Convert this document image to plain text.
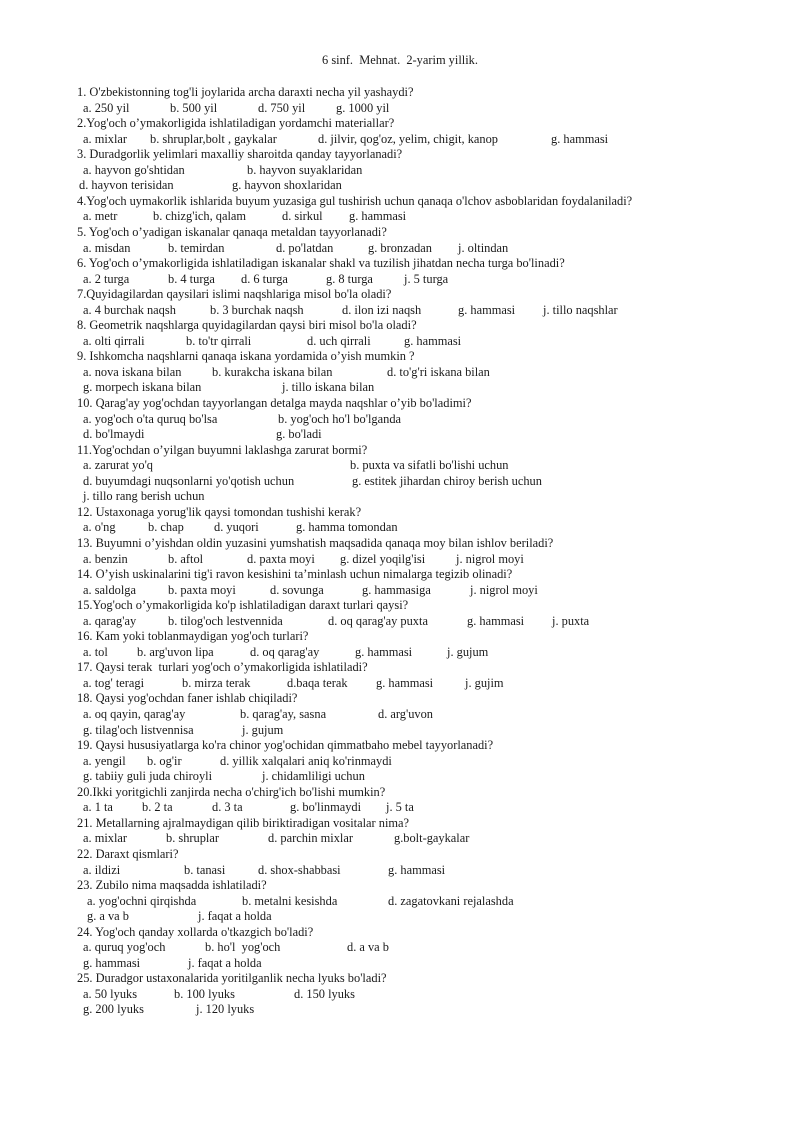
6 sinf.  Mehnat.  2-yarim yillik.
1. O'zbekistonning tog'li joylarida archa daraxti necha yil yashaydi?
a. 250 yil	b. 500 yil	d. 750 yil g. 1000 yil
2.Yog'och o’ymakorligida ishlatiladigan yordamchi materiallar?
a. mixlar b. shruplar,bolt , gaykalar	d. jilvir, qog'oz, yelim, chigit, kanop	g. hammasi
3. Duradgorlik yelimlari maxalliy sharoitda qanday tayyorlanadi?
a. hayvon go'shtidan	b. hayvon suyaklaridan
d. hayvon terisidan	g. hayvon shoxlaridan
4.Yog'och uymakorlik ishlarida buyum yuzasiga gul tushirish uchun qanaqa o'lchov asboblaridan foydalaniladi?
a. metr	b. chizg'ich, qalam	d. sirkul g. hammasi
5. Yog'och o’yadigan iskanalar qanaqa metaldan tayyorlanadi?
a. misdan	b. temirdan	d. po'latdan	g. bronzadan j. oltindan
6. Yog'och o’ymakorligida ishlatiladigan iskanalar shakl va tuzilish jihatdan necha turga bo'linadi?
a. 2 turga	b. 4 turga d. 6 turga	g. 8 turga	j. 5 turga
7.Quyidagilardan qaysilari islimi naqshlariga misol bo'la oladi?
a. 4 burchak naqsh	b. 3 burchak naqsh	d. ilon izi naqsh	g. hammasi j. tillo naqshlar
8. Geometrik naqshlarga quyidagilardan qaysi biri misol bo'la oladi?
a. olti qirrali	b. to'tr qirrali	d. uch qirrali	g. hammasi
9. Ishkomcha naqshlarni qanaqa iskana yordamida o’yish mumkin ?
a. nova iskana bilan b. kurakcha iskana bilan	d. to'g'ri iskana bilan
g. morpech iskana bilan	j. tillo iskana bilan
10. Qarag'ay yog'ochdan tayyorlangan detalga mayda naqshlar o’yib bo'ladimi?
a. yog'och o'ta quruq bo'lsa	b. yog'och ho'l bo'lganda
d. bo'lmaydi	g. bo'ladi
11.Yog'ochdan o’yilgan buyumni laklashga zarurat bormi?
a. zarurat yo'q	b. puxta va sifatli bo'lishi uchun
d. buyumdagi nuqsonlarni yo'qotish uchun	g. estitek jihardan chiroy berish uchun
j. tillo rang berish uchun
12. Ustaxonaga yorug'lik qaysi tomondan tushishi kerak?
a. o'ng	b. chap d. yuqori	g. hamma tomondan
13. Buyumni o’yishdan oldin yuzasini yumshatish maqsadida qanaqa moy bilan ishlov beriladi?
a. benzin	b. aftol	d. paxta moyi g. dizel yoqilg'isi j. nigrol moyi
14. O’yish uskinalarini tig'i ravon kesishini ta’minlash uchun nimalarga tegizib olinadi?
a. saldolga	b. paxta moyi	d. sovunga	g. hammasiga	j. nigrol moyi
15.Yog'och o’ymakorligida ko'p ishlatiladigan daraxt turlari qaysi?
a. qarag'ay	b. tilog'och lestvennida	d. oq qarag'ay puxta	g. hammasi j. puxta
16. Kam yoki toblanmaydigan yog'och turlari?
a. tol b. arg'uvon lipa	d. oq qarag'ay	g. hammasi	j. gujum
17. Qaysi terak  turlari yog'och o’ymakorligida ishlatiladi?
a. tog' teragi	b. mirza terak	d.baqa terak g. hammasi	j. gujim
18. Qaysi yog'ochdan faner ishlab chiqiladi?
a. oq qayin, qarag'ay	b. qarag'ay, sasna	d. arg'uvon
g. tilag'och listvennisa	j. gujum
19. Qaysi hususiyatlarga ko'ra chinor yog'ochidan qimmatbaho mebel tayyorlanadi?
a. yengil b. og'ir	d. yillik xalqalari aniq ko'rinmaydi
g. tabiiy guli juda chiroyli	j. chidamliligi uchun
20.Ikki yoritgichli zanjirda necha o'chirg'ich bo'lishi mumkin?
a. 1 ta b. 2 ta	d. 3 ta	g. bo'linmaydi j. 5 ta
21. Metallarning ajralmaydigan qilib biriktiradigan vositalar nima?
a. mixlar	b. shruplar	d. parchin mixlar	g.bolt-gaykalar
22. Daraxt qismlari?
a. ildizi	b. tanasi	d. shox-shabbasi	g. hammasi
23. Zubilo nima maqsadda ishlatiladi?
a. yog'ochni qirqishda	b. metalni kesishda	d. zagatovkani rejalashda
g. a va b	j. faqat a holda
24. Yog'och qanday xollarda o'tkazgich bo'ladi?
a. quruq yog'och	b. ho'l  yog'och	d. a va b
g. hammasi	j. faqat a holda
25. Duradgor ustaxonalarida yoritilganlik necha lyuks bo'ladi?
a. 50 lyuks	b. 100 lyuks	d. 150 lyuks
g. 200 lyuks	j. 120 lyuks
